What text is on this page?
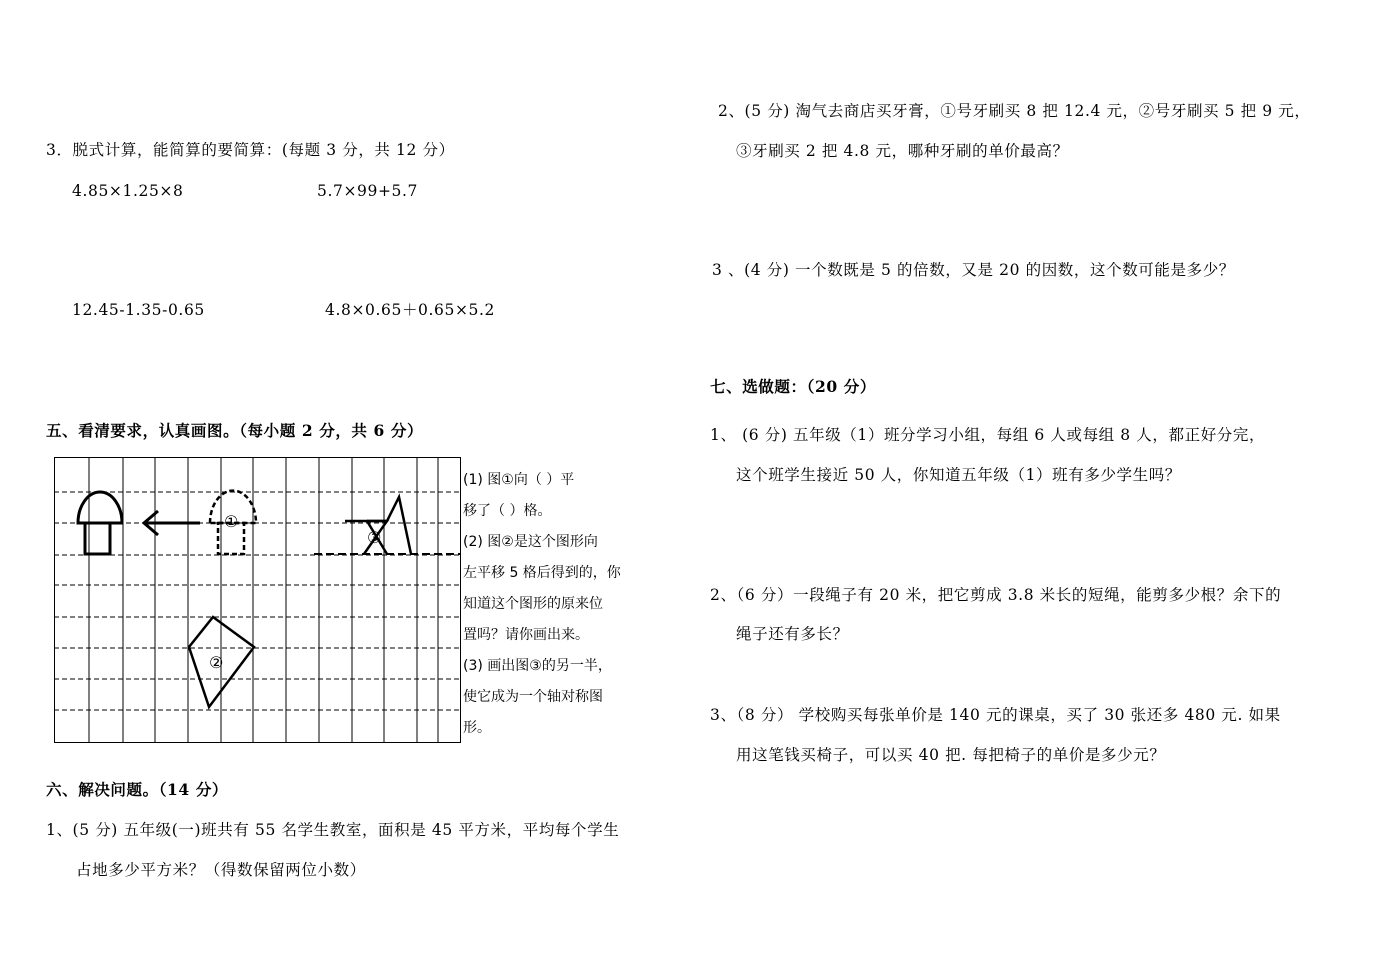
3．脱式计算，能简算的要简算：(每题 3 分，共 12 分）
4.85×1.25×8	5.7×99+5.7
12.45-1.35-0.65	4.8×0.65＋0.65×5.2
五、看清要求，认真画图。（每小题 2 分，共 6 分）
①
②
③
(1) 图①向（ ）平
移了（ ）格。
(2) 图②是这个图形向
左平移 5 格后得到的，你
知道这个图形的原来位
置吗？请你画出来。
(3) 画出图③的另一半，
使它成为一个轴对称图
形。
六、解决问题。（14 分）
1、(5 分) 五年级(一)班共有 55 名学生教室，面积是 45 平方米，平均每个学生
占地多少平方米？（得数保留两位小数）
2、(5 分) 淘气去商店买牙膏，①号牙刷买 8 把 12.4 元，②号牙刷买 5 把 9 元，
③牙刷买 2 把 4.8 元，哪种牙刷的单价最高？
3 、(4 分) 一个数既是 5 的倍数，又是 20 的因数，这个数可能是多少？
七、选做题：（20 分）
1、 (6 分) 五年级（1）班分学习小组，每组 6 人或每组 8 人，都正好分完，
这个班学生接近 50 人，你知道五年级（1）班有多少学生吗？
2、（6 分）一段绳子有 20 米，把它剪成 3.8 米长的短绳，能剪多少根？余下的
绳子还有多长？
3、（8 分） 学校购买每张单价是 140 元的课桌，买了 30 张还多 480 元. 如果
用这笔钱买椅子，可以买 40 把. 每把椅子的单价是多少元？
